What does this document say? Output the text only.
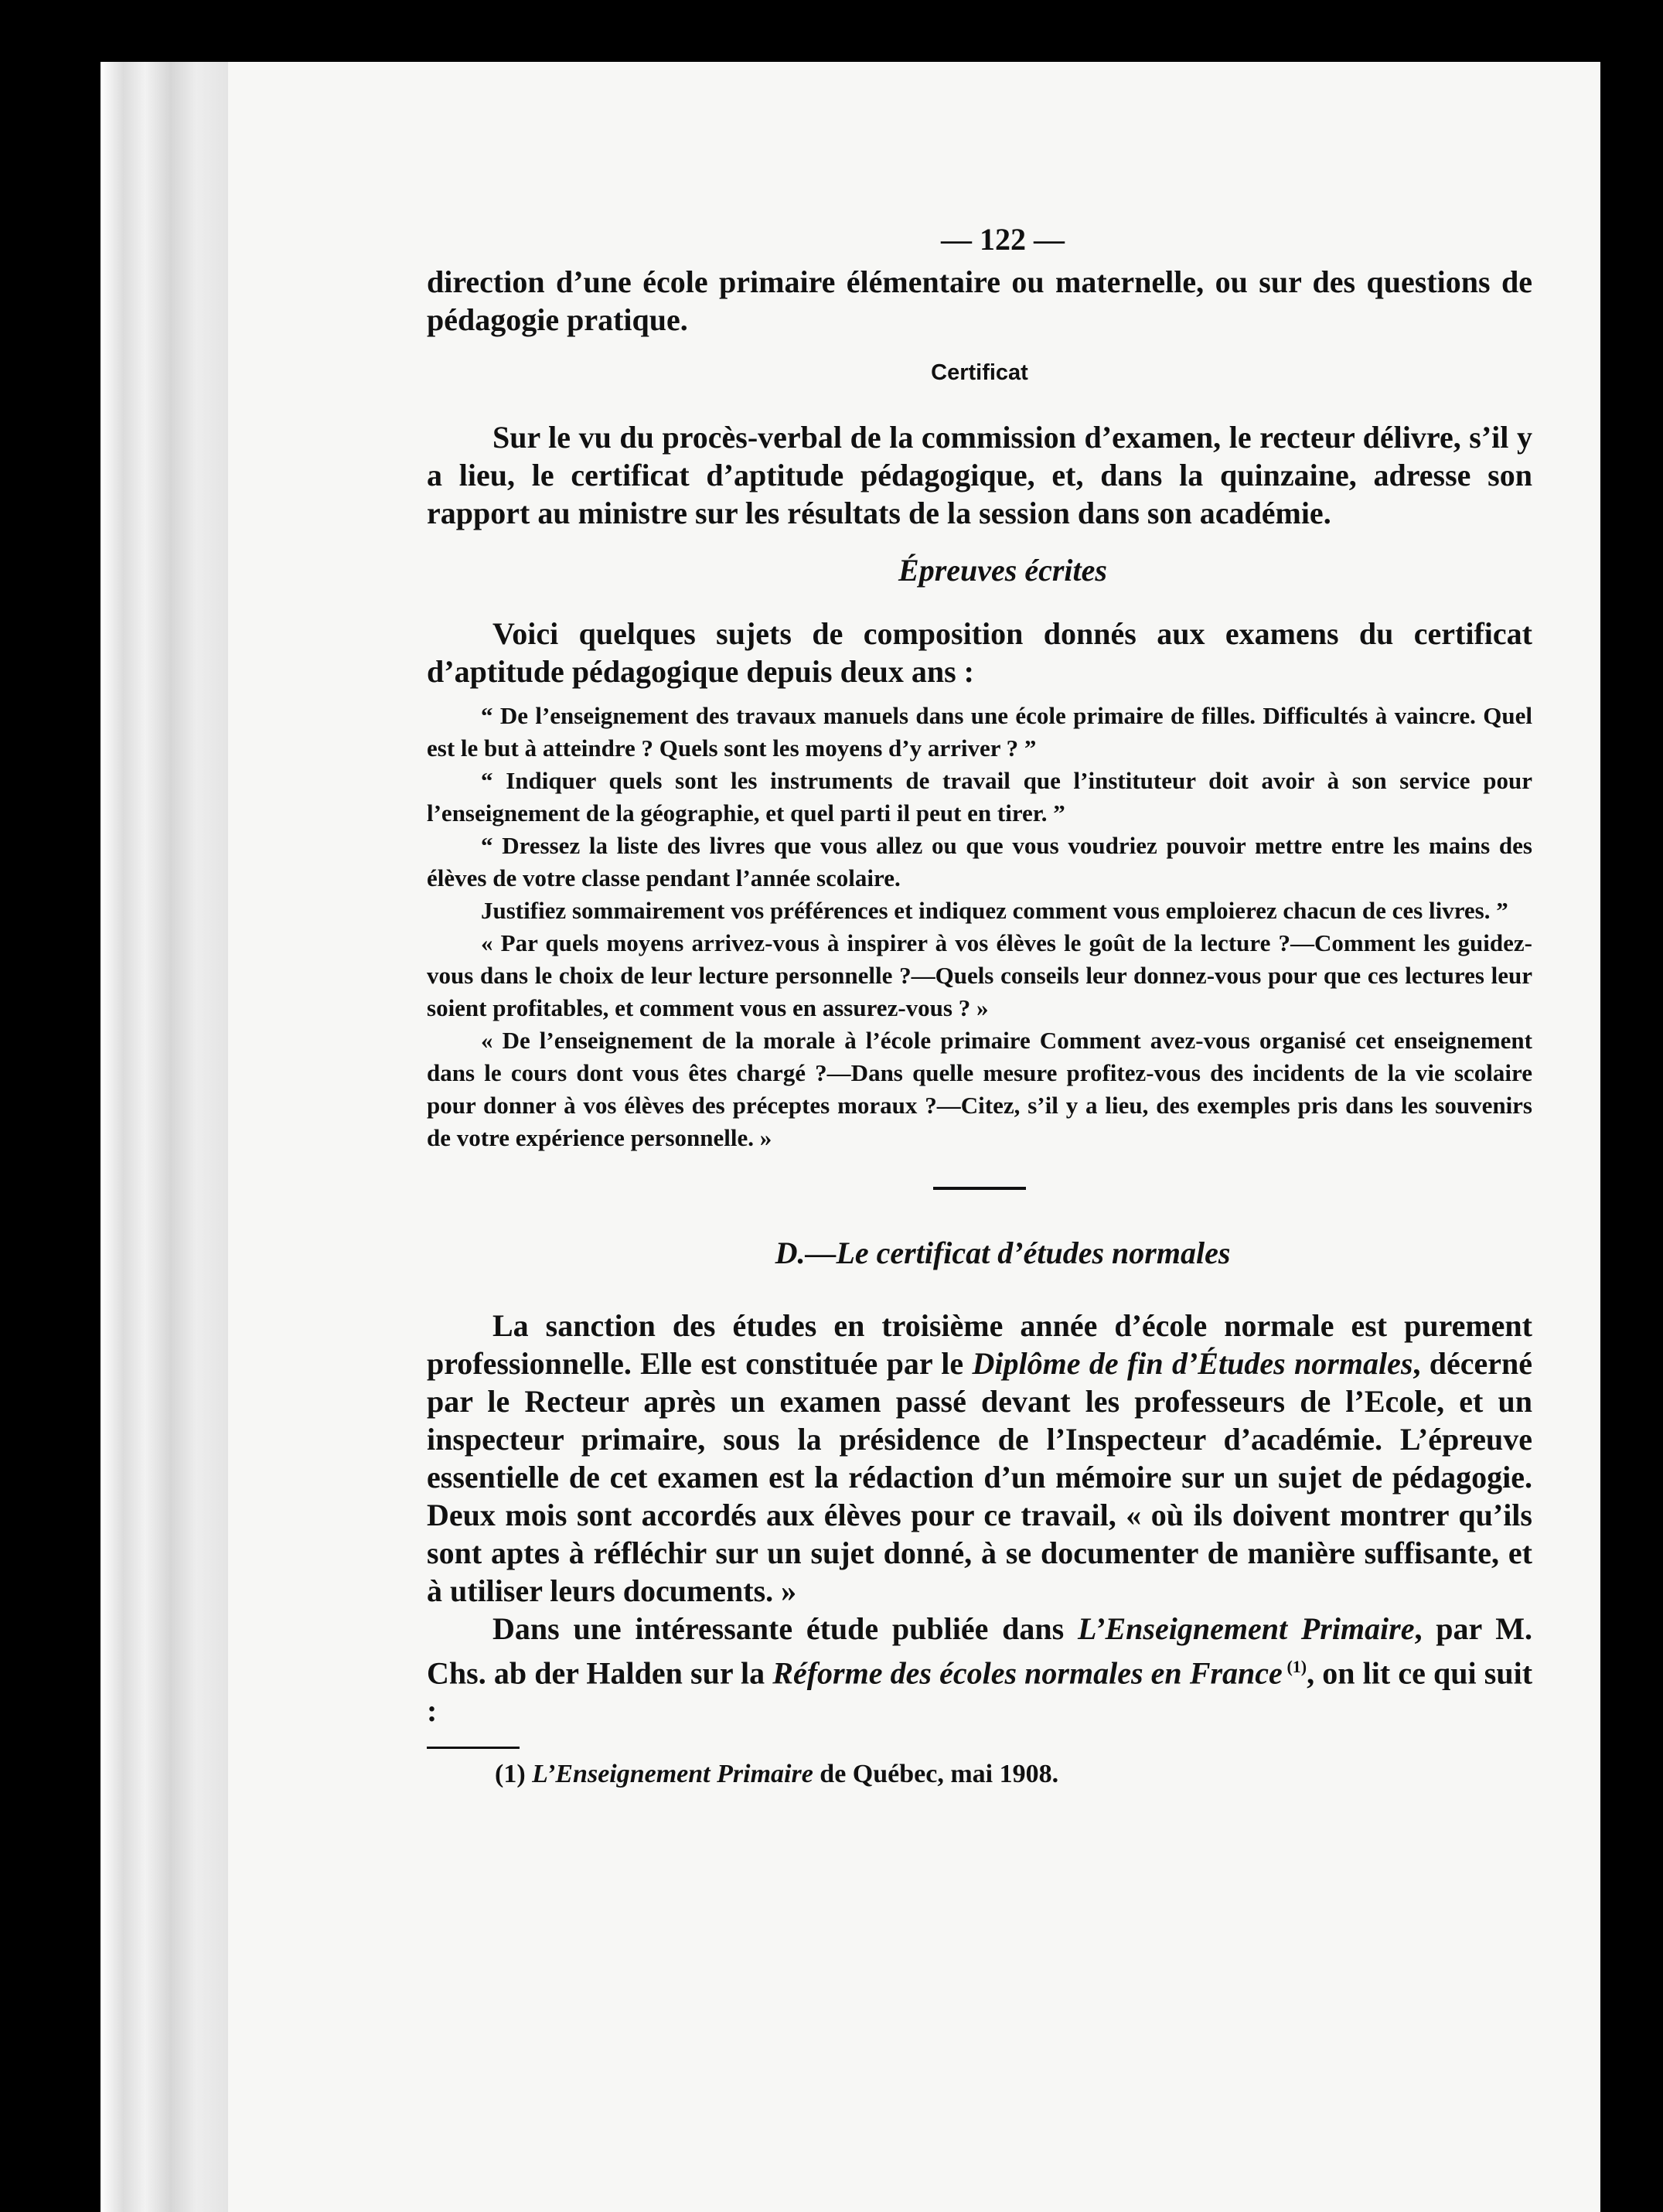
— 122 —

direction d’une école primaire élémentaire ou maternelle, ou sur des questions de pédagogie pratique.

Certificat

Sur le vu du procès-verbal de la commission d’examen, le recteur délivre, s’il y a lieu, le certificat d’aptitude pédagogique, et, dans la quinzaine, adresse son rapport au ministre sur les résultats de la session dans son académie.

Épreuves écrites

Voici quelques sujets de composition donnés aux examens du certificat d’aptitude pédagogique depuis deux ans :

“ De l’enseignement des travaux manuels dans une école primaire de filles. Difficultés à vaincre. Quel est le but à atteindre ? Quels sont les moyens d’y arriver ? ”

“ Indiquer quels sont les instruments de travail que l’instituteur doit avoir à son service pour l’enseignement de la géographie, et quel parti il peut en tirer. ”

“ Dressez la liste des livres que vous allez ou que vous voudriez pouvoir mettre entre les mains des élèves de votre classe pendant l’année scolaire.

Justifiez sommairement vos préférences et indiquez comment vous emploierez chacun de ces livres. ”

« Par quels moyens arrivez-vous à inspirer à vos élèves le goût de la lecture ?—Comment les guidez-vous dans le choix de leur lecture personnelle ?—Quels conseils leur donnez-vous pour que ces lectures leur soient profitables, et comment vous en assurez-vous ? »

« De l’enseignement de la morale à l’école primaire Comment avez-vous organisé cet enseignement dans le cours dont vous êtes chargé ?—Dans quelle mesure profitez-vous des incidents de la vie scolaire pour donner à vos élèves des préceptes moraux ?—Citez, s’il y a lieu, des exemples pris dans les souvenirs de votre expérience personnelle. »

D.—Le certificat d’études normales

La sanction des études en troisième année d’école normale est purement professionnelle. Elle est constituée par le Diplôme de fin d’Études normales, décerné par le Recteur après un examen passé devant les professeurs de l’Ecole, et un inspecteur primaire, sous la présidence de l’Inspecteur d’académie. L’épreuve essentielle de cet examen est la rédaction d’un mémoire sur un sujet de pédagogie. Deux mois sont accordés aux élèves pour ce travail, « où ils doivent montrer qu’ils sont aptes à réfléchir sur un sujet donné, à se documenter de manière suffisante, et à utiliser leurs documents. »

Dans une intéressante étude publiée dans L’Enseignement Primaire, par M. Chs. ab der Halden sur la Réforme des écoles normales en France $^{(1)}$, on lit ce qui suit :

(1) L’Enseignement Primaire de Québec, mai 1908.
